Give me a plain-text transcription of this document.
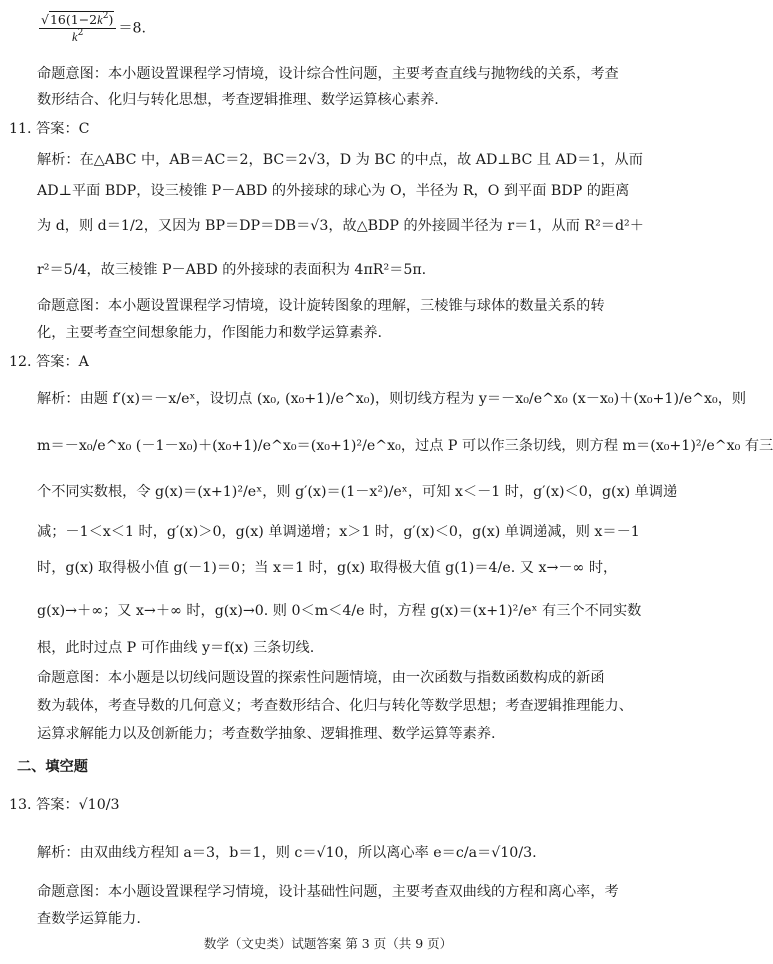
$\frac{√16(1-2k^2)}{k^2} =8$.
命题意图：本小题设置课程学习情境，设计综合性问题，主要考查直线与抛物线的关系，考查
数形结合、化归与转化思想，考查逻辑推理、数学运算核心素养.
11. 答案：C
解析：在△ABC 中，AB＝AC＝2，BC＝2√3，D 为 BC 的中点，故 AD⊥BC 且 AD＝1，从而
AD⊥平面 BDP，设三棱锥 P－ABD 的外接球的球心为 O，半径为 R，O 到平面 BDP 的距离
为 d，则 d＝1/2，又因为 BP＝DP＝DB＝√3，故△BDP 的外接圆半径为 r＝1，从而 R²＝d²＋
r²＝5/4，故三棱锥 P－ABD 的外接球的表面积为 4πR²＝5π.
命题意图：本小题设置课程学习情境，设计旋转图象的理解，三棱锥与球体的数量关系的转
化，主要考查空间想象能力，作图能力和数学运算素养.
12. 答案：A
解析：由题 f′(x)＝－x/eˣ，设切点 (x₀, (x₀+1)/e^x₀)，则切线方程为 y＝－x₀/e^x₀ (x－x₀)＋(x₀+1)/e^x₀，则
m＝－x₀/e^x₀ (－1－x₀)＋(x₀+1)/e^x₀＝(x₀+1)²/e^x₀，过点 P 可以作三条切线，则方程 m＝(x₀+1)²/e^x₀ 有三
个不同实数根，令 g(x)＝(x+1)²/eˣ，则 g′(x)＝(1－x²)/eˣ，可知 x＜－1 时，g′(x)＜0，g(x) 单调递
减；－1＜x＜1 时，g′(x)＞0，g(x) 单调递增；x＞1 时，g′(x)＜0，g(x) 单调递减，则 x＝－1
时，g(x) 取得极小值 g(－1)＝0；当 x＝1 时，g(x) 取得极大值 g(1)＝4/e. 又 x→－∞ 时，
g(x)→＋∞；又 x→＋∞ 时，g(x)→0. 则 0＜m＜4/e 时，方程 g(x)＝(x+1)²/eˣ 有三个不同实数
根，此时过点 P 可作曲线 y＝f(x) 三条切线.
命题意图：本小题是以切线问题设置的探索性问题情境，由一次函数与指数函数构成的新函
数为载体，考查导数的几何意义；考查数形结合、化归与转化等数学思想；考查逻辑推理能力、
运算求解能力以及创新能力；考查数学抽象、逻辑推理、数学运算等素养.
二、填空题
13. 答案：√10/3
解析：由双曲线方程知 a＝3，b＝1，则 c＝√10，所以离心率 e＝c/a＝√10/3.
命题意图：本小题设置课程学习情境，设计基础性问题，主要考查双曲线的方程和离心率，考
查数学运算能力.
数学（文史类）试题答案 第 3 页（共 9 页）
